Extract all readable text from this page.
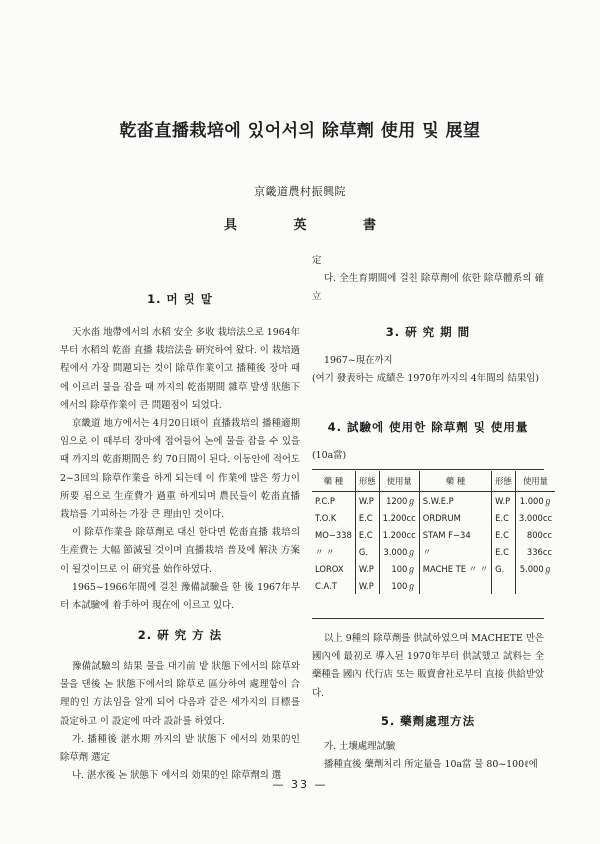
乾畓直播栽培에 있어서의 除草劑 使用 및 展望
京畿道農村振興院
具 英 書
1. 머 릿 말

天水畓 地帶에서의 水稻 安全 多收 栽培法으로 1964年부터 水稻의 乾畓 直播 栽培法을 硏究하여 왔다. 이 栽培過程에서 가장 問題되는 것이 除草作業이고 播種後 장마 때에 이르러 물을 잡을 때 까지의 乾畓期間 雜草 발생 狀態下에서의 除草作業이 큰 問題점이 되었다.

京畿道 地方에서는 4月20日頃이 直播栽培의 播種適期 임으로 이 때부터 장마에 접어들어 논에 물을 잡을 수 있을때 까지의 乾畓期間은 約 70日間이 된다. 이동안에 적어도 2~3回의 除草作業을 하게 되는데 이 作業에 많은 勞力이 所要 됨으로 生産費가 過重 하게되며 農民들이 乾畓直播 栽培를 기피하는 가장 큰 理由인 것이다.

이 除草作業을 除草劑로 대신 한다면 乾畓直播 栽培의 生産費는 大幅 節減될 것이며 直播栽培 普及에 解決 方案이 될것이므로 이 硏究를 始作하였다.

1965~1966年間에 걸친 豫備試驗을 한 後 1967年부터 本試驗에 着手하여 現在에 이르고 있다.

2. 硏 究 方 法

豫備試驗의 結果 물을 대기前 밭 狀態下에서의 除草와 물을 댄後 논 狀態下에서의 除草로 區分하여 處理함이 合理的인 方法임을 알게 되어 다음과 같은 세가지의 目標를 設定하고 이 設定에 따라 設計를 하였다.

가. 播種後 湛水期 까지의 밭 狀態下 에서의 効果的인 除草劑 選定

나. 湛水後 논 狀態下 에서의 効果的인 除草劑의 選

定

다. 全生育期間에 걸친 除草劑에 依한 除草體系의 確立

3. 硏 究 期 間

1967~現在까지

(여기 發表하는 成績은 1970年까지의 4年間의 結果임)

4. 試驗에 使用한 除草劑 및 使用量

(10a當)

藥 種	形態	使用量	藥 種	形態	使用量
P.C.P	W.P	1200ℊ	S.W.E.P	W.P	1.000ℊ
T.O.K	E.C	1.200cc	ORDRUM	E.C	3.000cc
MO−338	E.C	1.200cc	STAM F−34	E.C	800cc
〃 〃	G.	3.000ℊ	〃	E.C	336cc
LOROX	W.P	100ℊ	MACHE TE 〃 〃	G.	5.000ℊ
C.A.T	W.P	100ℊ			

以上 9種의 除草劑를 供試하였으며 MACHETE 만은 國內에 最初로 導入된 1970年부터 供試했고 試料는 全藥種을 國內 代行店 또는 販賣會社로부터 直接 供給받았다.

5. 藥劑處理方法

가. 土壤處理試驗

播種直後 藥劑처리 所定量을 10a當 물 80~100ℓ에

— 33 —
